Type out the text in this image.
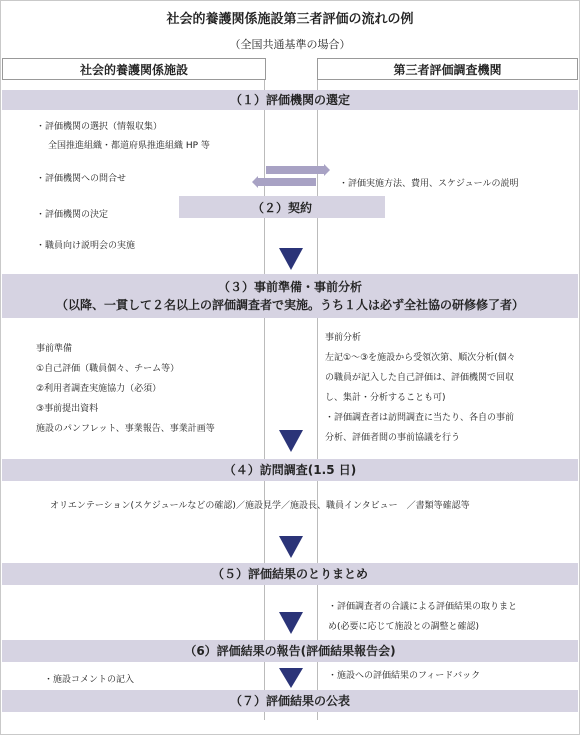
社会的養護関係施設第三者評価の流れの例
（全国共通基準の場合）
社会的養護関係施設	第三者評価調査機関
（１）評価機関の選定
・評価機関の選択（情報収集）
全国推進組織・都道府県推進組織 HP 等
・評価機関への問合せ
・評価機関の決定
・職員向け説明会の実施
・評価実施方法、費用、スケジュールの説明
（２）契約
（３）事前準備・事前分析
（以降、一貫して２名以上の評価調査者で実施。うち１人は必ず全社協の研修修了者）
事前準備
①自己評価（職員個々、チーム等）
②利用者調査実施協力（必須）
③事前提出資料
施設のパンフレット、事業報告、事業計画等
事前分析
左記①～③を施設から受領次第、順次分析(個々
の職員が記入した自己評価は、評価機関で回収
し、集計・分析することも可)
・評価調査者は訪問調査に当たり、各自の事前
分析、評価者間の事前協議を行う
（４）訪問調査(1.5 日)
オリエンテーション(スケジュールなどの確認)／施設見学／施設長、職員インタビュー　／書類等確認等
（５）評価結果のとりまとめ
・評価調査者の合議による評価結果の取りまと
め(必要に応じて施設との調整と確認)
（6）評価結果の報告(評価結果報告会)
・施設コメントの記入	・施設への評価結果のフィードバック
（７）評価結果の公表
